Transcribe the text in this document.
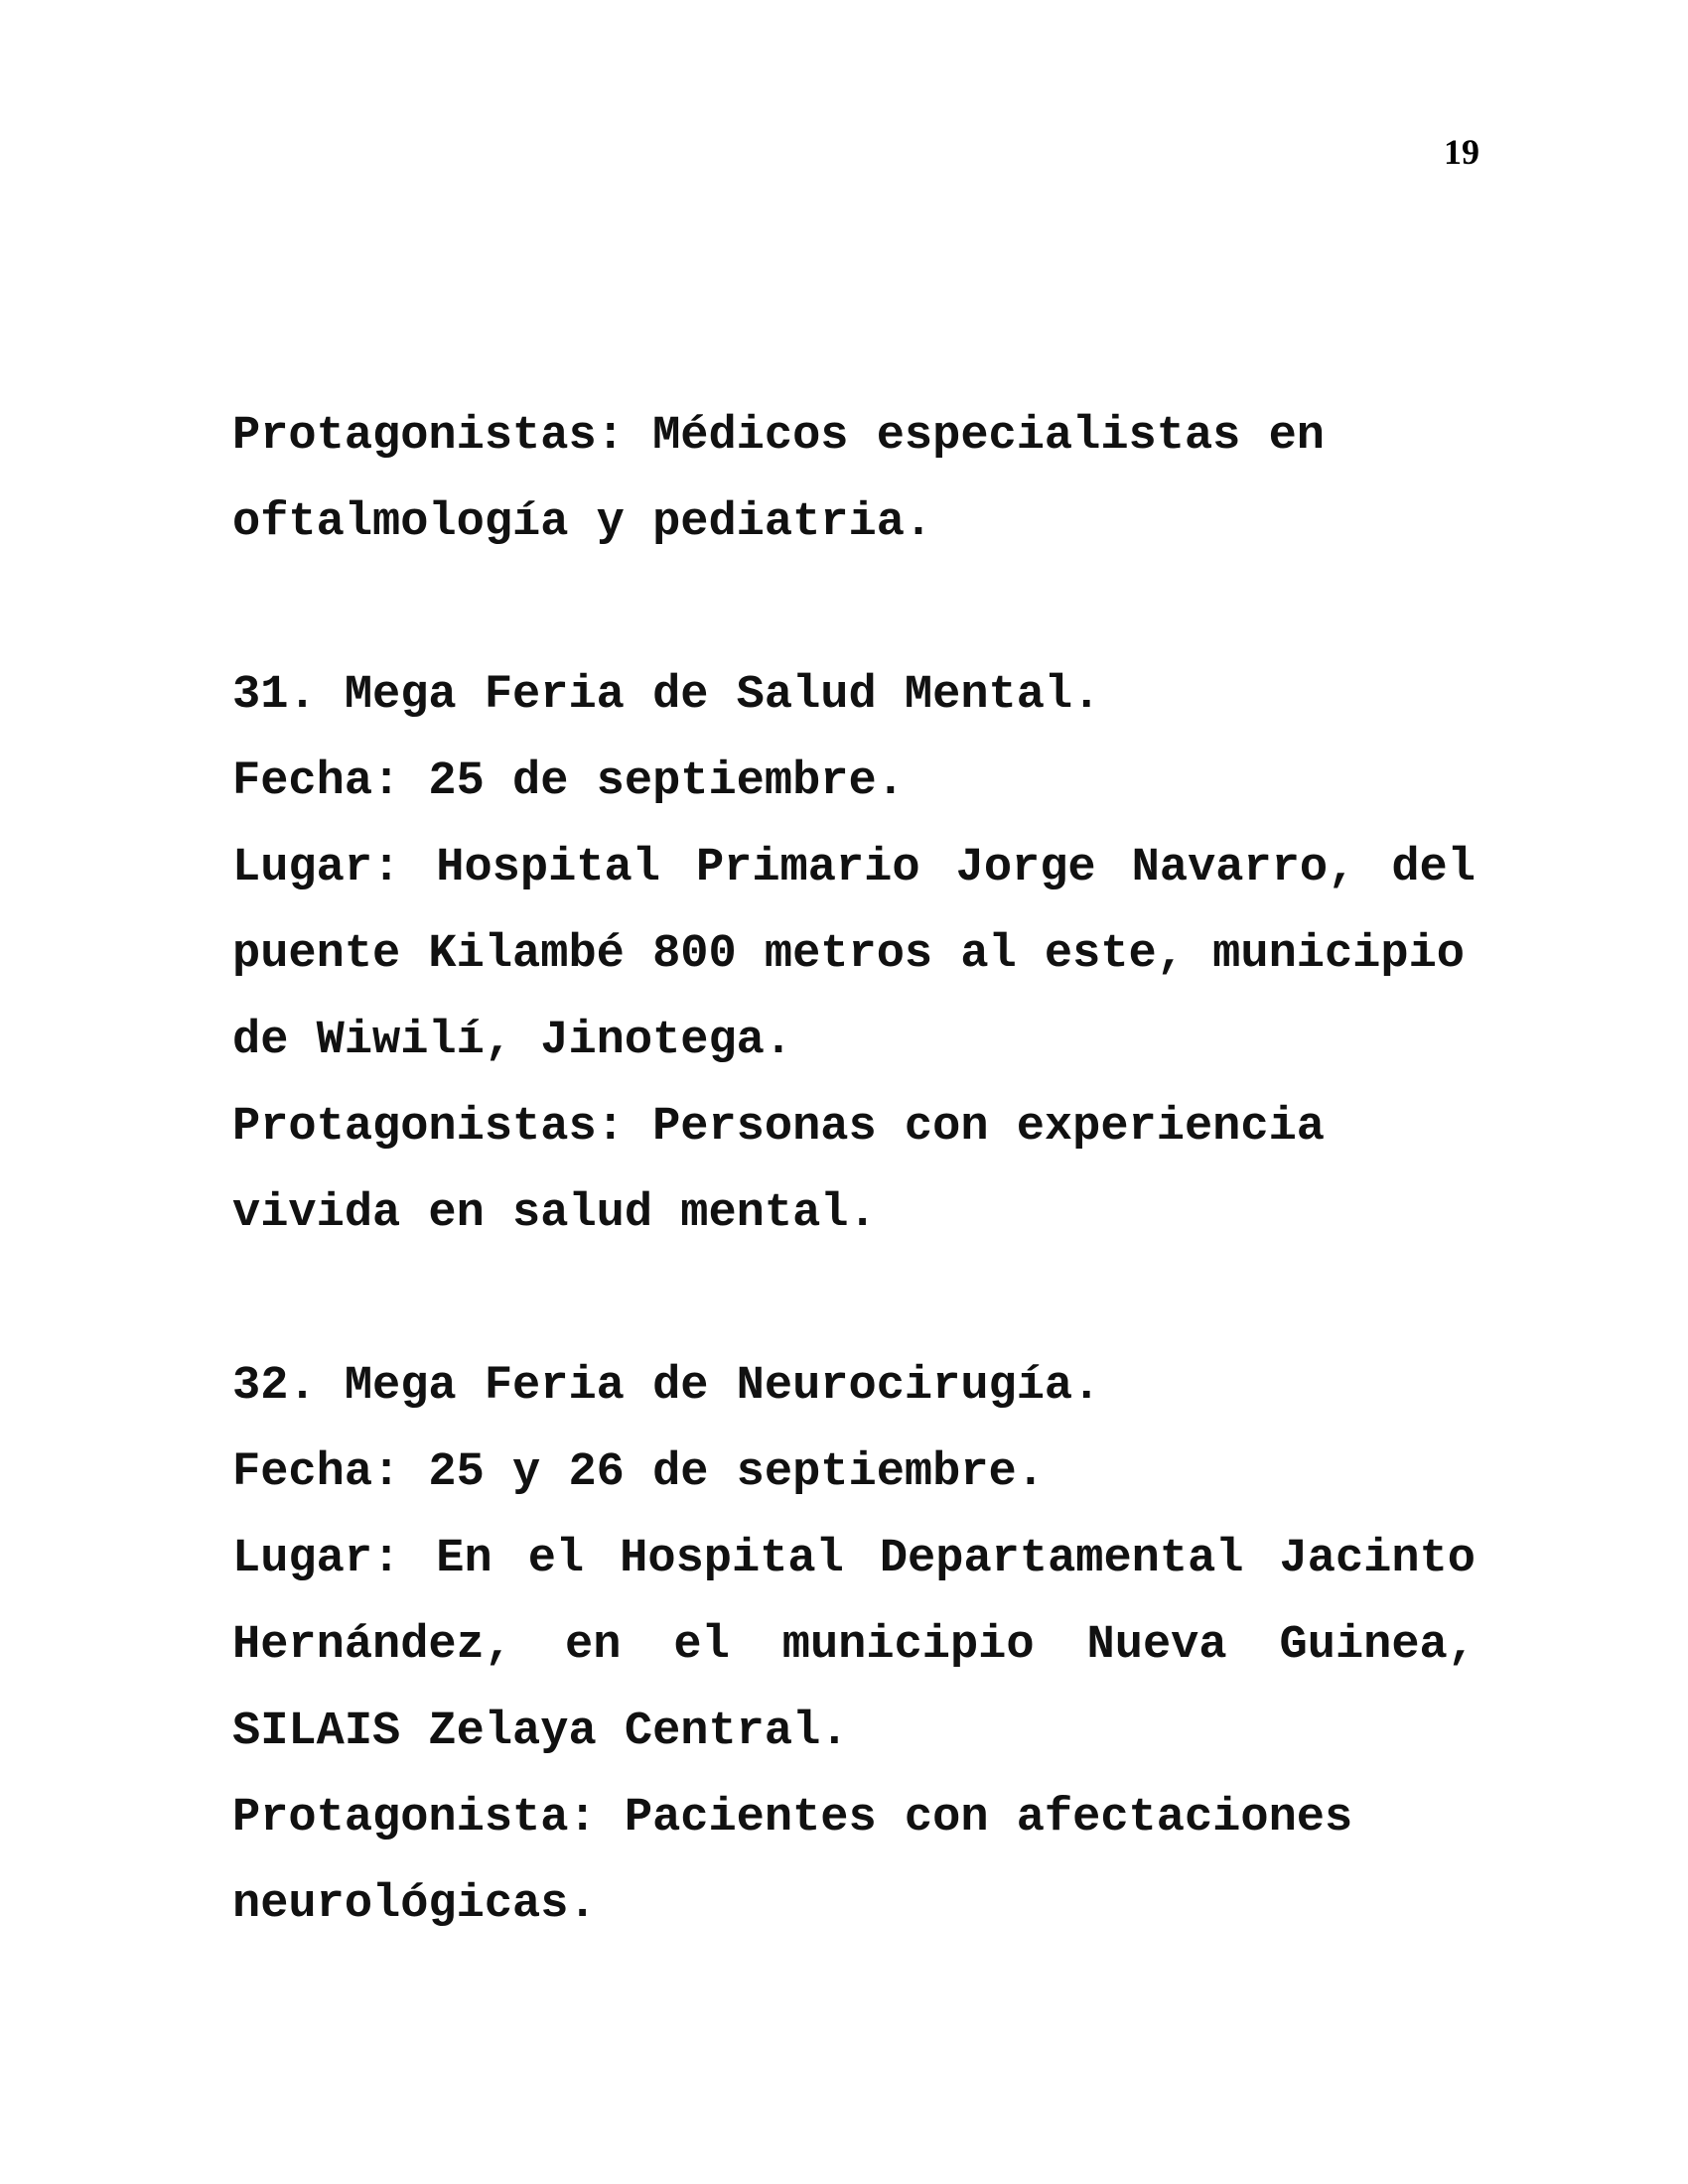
19
Protagonistas: Médicos especialistas en
oftalmología y pediatria.
31. Mega Feria de Salud Mental.
Fecha: 25 de septiembre.
Lugar: Hospital Primario Jorge Navarro, del
puente Kilambé 800 metros al este, municipio
de Wiwilí, Jinotega.
Protagonistas: Personas con experiencia
vivida en salud mental.
32. Mega Feria de Neurocirugía.
Fecha: 25 y 26 de septiembre.
Lugar: En el Hospital Departamental Jacinto
Hernández, en el municipio Nueva Guinea,
SILAIS Zelaya Central.
Protagonista: Pacientes con afectaciones
neurológicas.
